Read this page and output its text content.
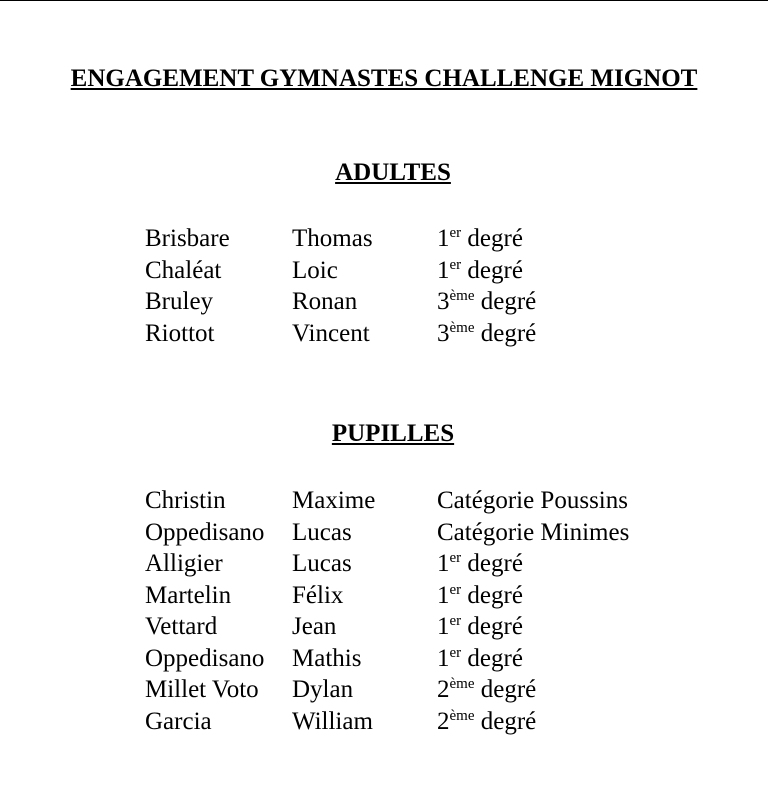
ENGAGEMENT GYMNASTES CHALLENGE MIGNOT
ADULTES
Brisbare	Thomas	1er degré
Chaléat	Loic	1er degré
Bruley	Ronan	3ème degré
Riottot	Vincent	3ème degré
PUPILLES
Christin	Maxime	Catégorie Poussins
Oppedisano	Lucas	Catégorie Minimes
Alligier	Lucas	1er degré
Martelin	Félix	1er degré
Vettard	Jean	1er degré
Oppedisano	Mathis	1er degré
Millet Voto	Dylan	2ème degré
Garcia	William	2ème degré
